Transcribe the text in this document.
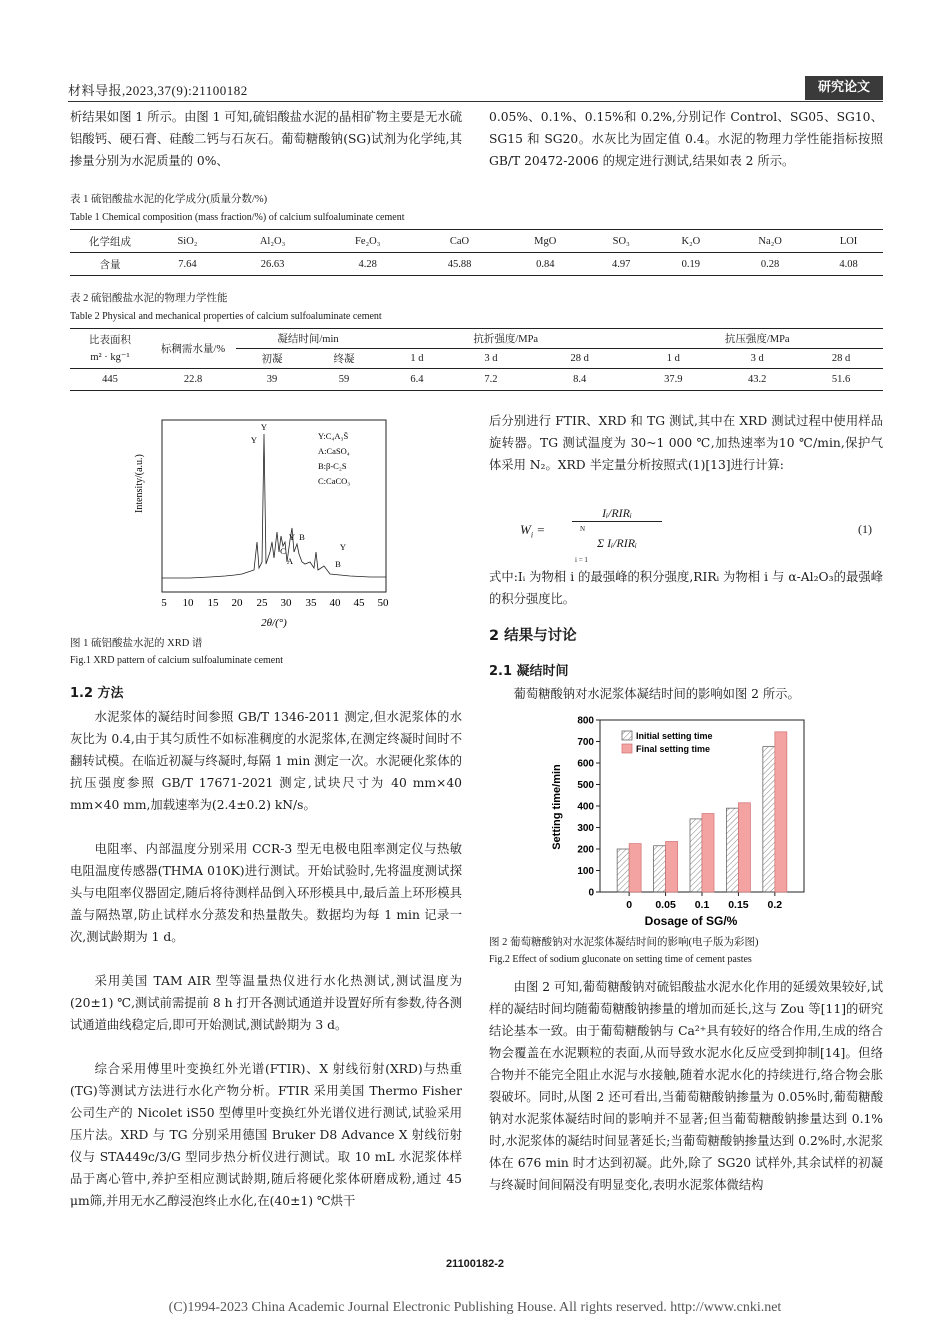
材料导报,2023,37(9):21100182	研究论文

析结果如图 1 所示。由图 1 可知,硫铝酸盐水泥的晶相矿物主要是无水硫铝酸钙、硬石膏、硅酸二钙与石灰石。葡萄糖酸钠(SG)试剂为化学纯,其掺量分别为水泥质量的 0%、

0.05%、0.1%、0.15%和 0.2%,分别记作 Control、SG05、SG10、SG15 和 SG20。水灰比为固定值 0.4。水泥的物理力学性能指标按照 GB/T 20472-2006 的规定进行测试,结果如表 2 所示。

表 1 硫铝酸盐水泥的化学成分(质量分数/%)
Table 1 Chemical composition (mass fraction/%) of calcium sulfoaluminate cement
化学组成	SiO₂	Al₂O₃	Fe₂O₃	CaO	MgO	SO₃	K₂O	Na₂O	LOI
含量	7.64	26.63	4.28	45.88	0.84	4.97	0.19	0.28	4.08
表 2 硫铝酸盐水泥的物理力学性能
Table 2 Physical and mechanical properties of calcium sulfoaluminate cement
比表面积
m² · kg⁻¹	标稠需水量/%	凝结时间/min		抗折强度/MPa			抗压强度/MPa		
		初凝	终凝	1 d	3 d	28 d	1 d	3 d	28 d
445	22.8	39	59	6.4	7.2	8.4	37.9	43.2	51.6
Intensity/(a.u.)
5 10 15 20 25 30 35 40 45 50
2θ/(°)
Y
Y
C
A
Y B
B
Y
Y:C₄A₃S̄
A:CaSO₄
B:β-C₂S
C:CaCO₃
图 1 硫铝酸盐水泥的 XRD 谱
Fig.1 XRD pattern of calcium sulfoaluminate cement
1.2 方法

水泥浆体的凝结时间参照 GB/T 1346-2011 测定,但水泥浆体的水灰比为 0.4,由于其匀质性不如标准稠度的水泥浆体,在测定终凝时间时不翻转试模。在临近初凝与终凝时,每隔 1 min 测定一次。水泥硬化浆体的抗压强度参照 GB/T 17671-2021 测定,试块尺寸为 40 mm×40 mm×40 mm,加载速率为(2.4±0.2) kN/s。

电阻率、内部温度分别采用 CCR-3 型无电极电阻率测定仪与热敏电阻温度传感器(THMA 010K)进行测试。开始试验时,先将温度测试探头与电阻率仪器固定,随后将待测样品倒入环形模具中,最后盖上环形模具盖与隔热罩,防止试样水分蒸发和热量散失。数据均为每 1 min 记录一次,测试龄期为 1 d。

采用美国 TAM AIR 型等温量热仪进行水化热测试,测试温度为(20±1) ℃,测试前需提前 8 h 打开各测试通道并设置好所有参数,待各测试通道曲线稳定后,即可开始测试,测试龄期为 3 d。

综合采用傅里叶变换红外光谱(FTIR)、X 射线衍射(XRD)与热重(TG)等测试方法进行水化产物分析。FTIR 采用美国 Thermo Fisher 公司生产的 Nicolet iS50 型傅里叶变换红外光谱仪进行测试,试验采用压片法。XRD 与 TG 分别采用德国 Bruker D8 Advance X 射线衍射仪与 STA449c/3/G 型同步热分析仪进行测试。取 10 mL 水泥浆体样品于离心管中,养护至相应测试龄期,随后将硬化浆体研磨成粉,通过 45 μm筛,并用无水乙醇浸泡终止水化,在(40±1) ℃烘干

后分别进行 FTIR、XRD 和 TG 测试,其中在 XRD 测试过程中使用样品旋转器。TG 测试温度为 30~1 000 ℃,加热速率为10 ℃/min,保护气体采用 N₂。XRD 半定量分析按照式(1)[13]进行计算:

$W_i$ =
Iᵢ/RIRᵢ
Σ Iᵢ/RIRᵢ
N
i = 1
(1)

式中:Iᵢ 为物相 i 的最强峰的积分强度,RIRᵢ 为物相 i 与 α-Al₂O₃的最强峰的积分强度比。

2 结果与讨论
2.1 凝结时间

葡萄糖酸钠对水泥浆体凝结时间的影响如图 2 所示。

0
100
200
300
400
500
600
700
800
0 0.05 0.1 0.15 0.2
Setting time/min
Dosage of SG/%
Initial setting time
Final setting time
图 2 葡萄糖酸钠对水泥浆体凝结时间的影响(电子版为彩图)
Fig.2 Effect of sodium gluconate on setting time of cement pastes

由图 2 可知,葡萄糖酸钠对硫铝酸盐水泥水化作用的延缓效果较好,试样的凝结时间均随葡萄糖酸钠掺量的增加而延长,这与 Zou 等[11]的研究结论基本一致。由于葡萄糖酸钠与 Ca²⁺具有较好的络合作用,生成的络合物会覆盖在水泥颗粒的表面,从而导致水泥水化反应受到抑制[14]。但络合物并不能完全阻止水泥与水接触,随着水泥水化的持续进行,络合物会胀裂破坏。同时,从图 2 还可看出,当葡萄糖酸钠掺量为 0.05%时,葡萄糖酸钠对水泥浆体凝结时间的影响并不显著;但当葡萄糖酸钠掺量达到 0.1%时,水泥浆体的凝结时间显著延长;当葡萄糖酸钠掺量达到 0.2%时,水泥浆体在 676 min 时才达到初凝。此外,除了 SG20 试样外,其余试样的初凝与终凝时间间隔没有明显变化,表明水泥浆体微结构

21100182-2
(C)1994-2023 China Academic Journal Electronic Publishing House. All rights reserved. http://www.cnki.net
